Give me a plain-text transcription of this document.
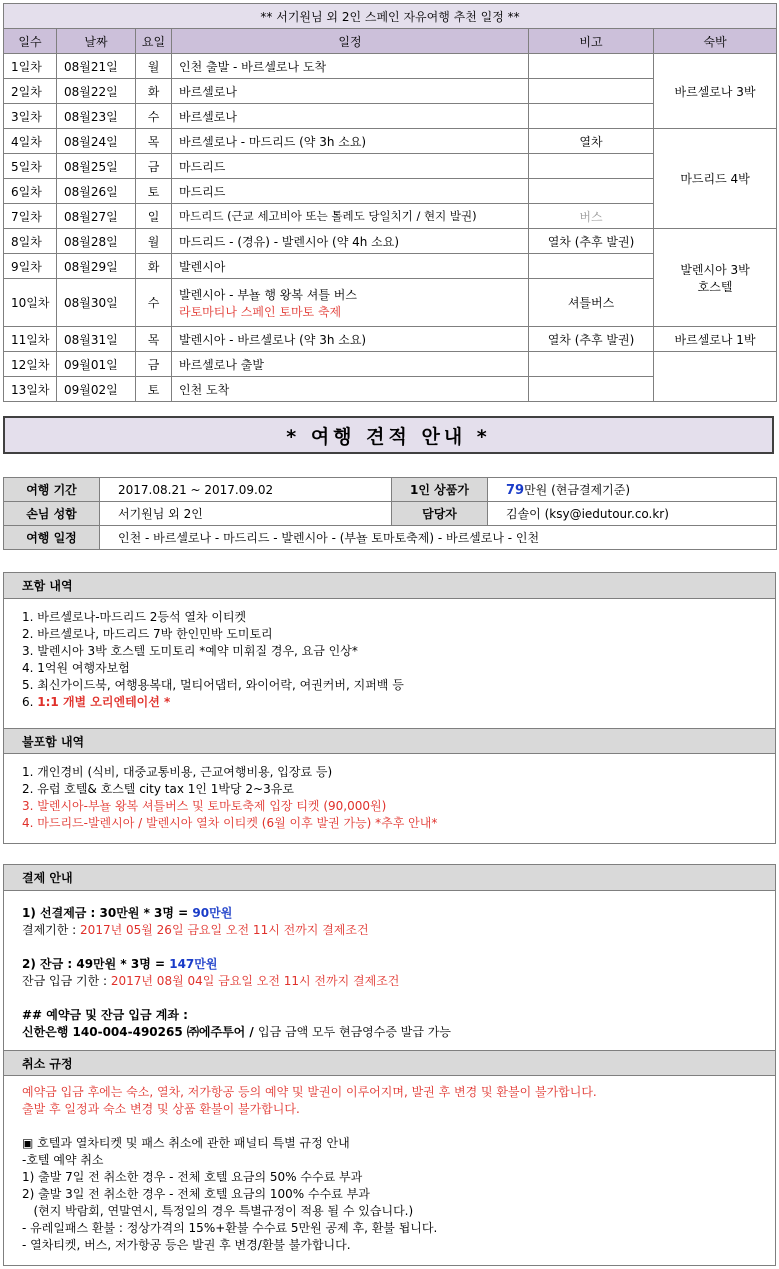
** 서기원님 외 2인 스페인 자유여행 추천 일정 **					
일수	날짜	요일	일정	비고	숙박
1일차	08월21일	월	인천 출발 - 바르셀로나 도착		바르셀로나 3박
2일차	08월22일	화	바르셀로나		
3일차	08월23일	수	바르셀로나		
4일차	08월24일	목	바르셀로나 - 마드리드 (약 3h 소요)	열차	마드리드 4박
5일차	08월25일	금	마드리드		
6일차	08월26일	토	마드리드		
7일차	08월27일	일	마드리드 (근교 세고비아 또는 톨레도 당일치기 / 현지 발권)	버스	
8일차	08월28일	월	마드리드 - (경유) - 발렌시아 (약 4h 소요)	열차 (추후 발권)	발렌시아 3박
호스텔

9일차	08월29일	화	발렌시아		
10일차	08월30일	수	발렌시아 - 부뇰 행 왕복 셔틀 버스
라토마티나 스페인 토마토 축제	셔틀버스	
11일차	08월31일	목	발렌시아 - 바르셀로나 (약 3h 소요)	열차 (추후 발권)	바르셀로나 1박
12일차	09월01일	금	바르셀로나 출발		
13일차	09월02일	토	인천 도착		
* 여행 견적 안내 *
여행 기간	2017.08.21 ~ 2017.09.02	1인 상품가	79만원 (현금결제기준)
손님 성함	서기원님 외 2인	담당자	김솔이 (ksy@iedutour.co.kr)
여행 일정	인천 - 바르셀로나 - 마드리드 - 발렌시아 - (부뇰 토마토축제) - 바르셀로나 - 인천		
포함 내역
1. 바르셀로나-마드리드 2등석 열차 이티켓
2. 바르셀로나, 마드리드 7박 한인민박 도미토리
3. 발렌시아 3박 호스텔 도미토리 *예약 미휘질 경우, 요금 인상*
4. 1억원 여행자보험
5. 최신가이드북, 여행용복대, 멀티어댑터, 와이어락, 여권커버, 지퍼백 등
6. 1:1 개별 오리엔테이션 *
불포함 내역
1. 개인경비 (식비, 대중교통비용, 근교여행비용, 입장료 등)
2. 유럽 호텔& 호스텔 city tax 1인 1박당 2~3유로
3. 발렌시아-부뇰 왕복 셔틀버스 및 토마토축제 입장 티켓 (90,000원)
4. 마드리드-발렌시아 / 발렌시아 열차 이티켓 (6월 이후 발권 가능) *추후 안내*
결제 안내
1) 선결제금 : 30만원 * 3명 = 90만원
결제기한 : 2017년 05월 26일 금요일 오전 11시 전까지 결제조건
2) 잔금 : 49만원 * 3명 = 147만원
잔금 입금 기한 : 2017년 08월 04일 금요일 오전 11시 전까지 결제조건
## 예약금 및 잔금 입금 계좌 :
신한은행 140-004-490265 ㈜에주투어 / 입금 금액 모두 현금영수증 발급 가능
취소 규정
예약금 입금 후에는 숙소, 열차, 저가항공 등의 예약 및 발권이 이루어지며, 발권 후 변경 및 환불이 불가합니다.
출발 후 일정과 숙소 변경 및 상품 환불이 불가합니다.
▣ 호텔과 열차티켓 및 패스 취소에 관한 패널티 특별 규정 안내
-호텔 예약 취소
1) 출발 7일 전 취소한 경우 - 전체 호텔 요금의 50% 수수료 부과
2) 출발 3일 전 취소한 경우 - 전체 호텔 요금의 100% 수수료 부과
(현지 박람회, 연말연시, 특정일의 경우 특별규정이 적용 될 수 있습니다.)
- 유레일패스 환불 : 정상가격의 15%+환불 수수료 5만원 공제 후, 환불 됩니다.
- 열차티켓, 버스, 저가항공 등은 발권 후 변경/환불 불가합니다.
